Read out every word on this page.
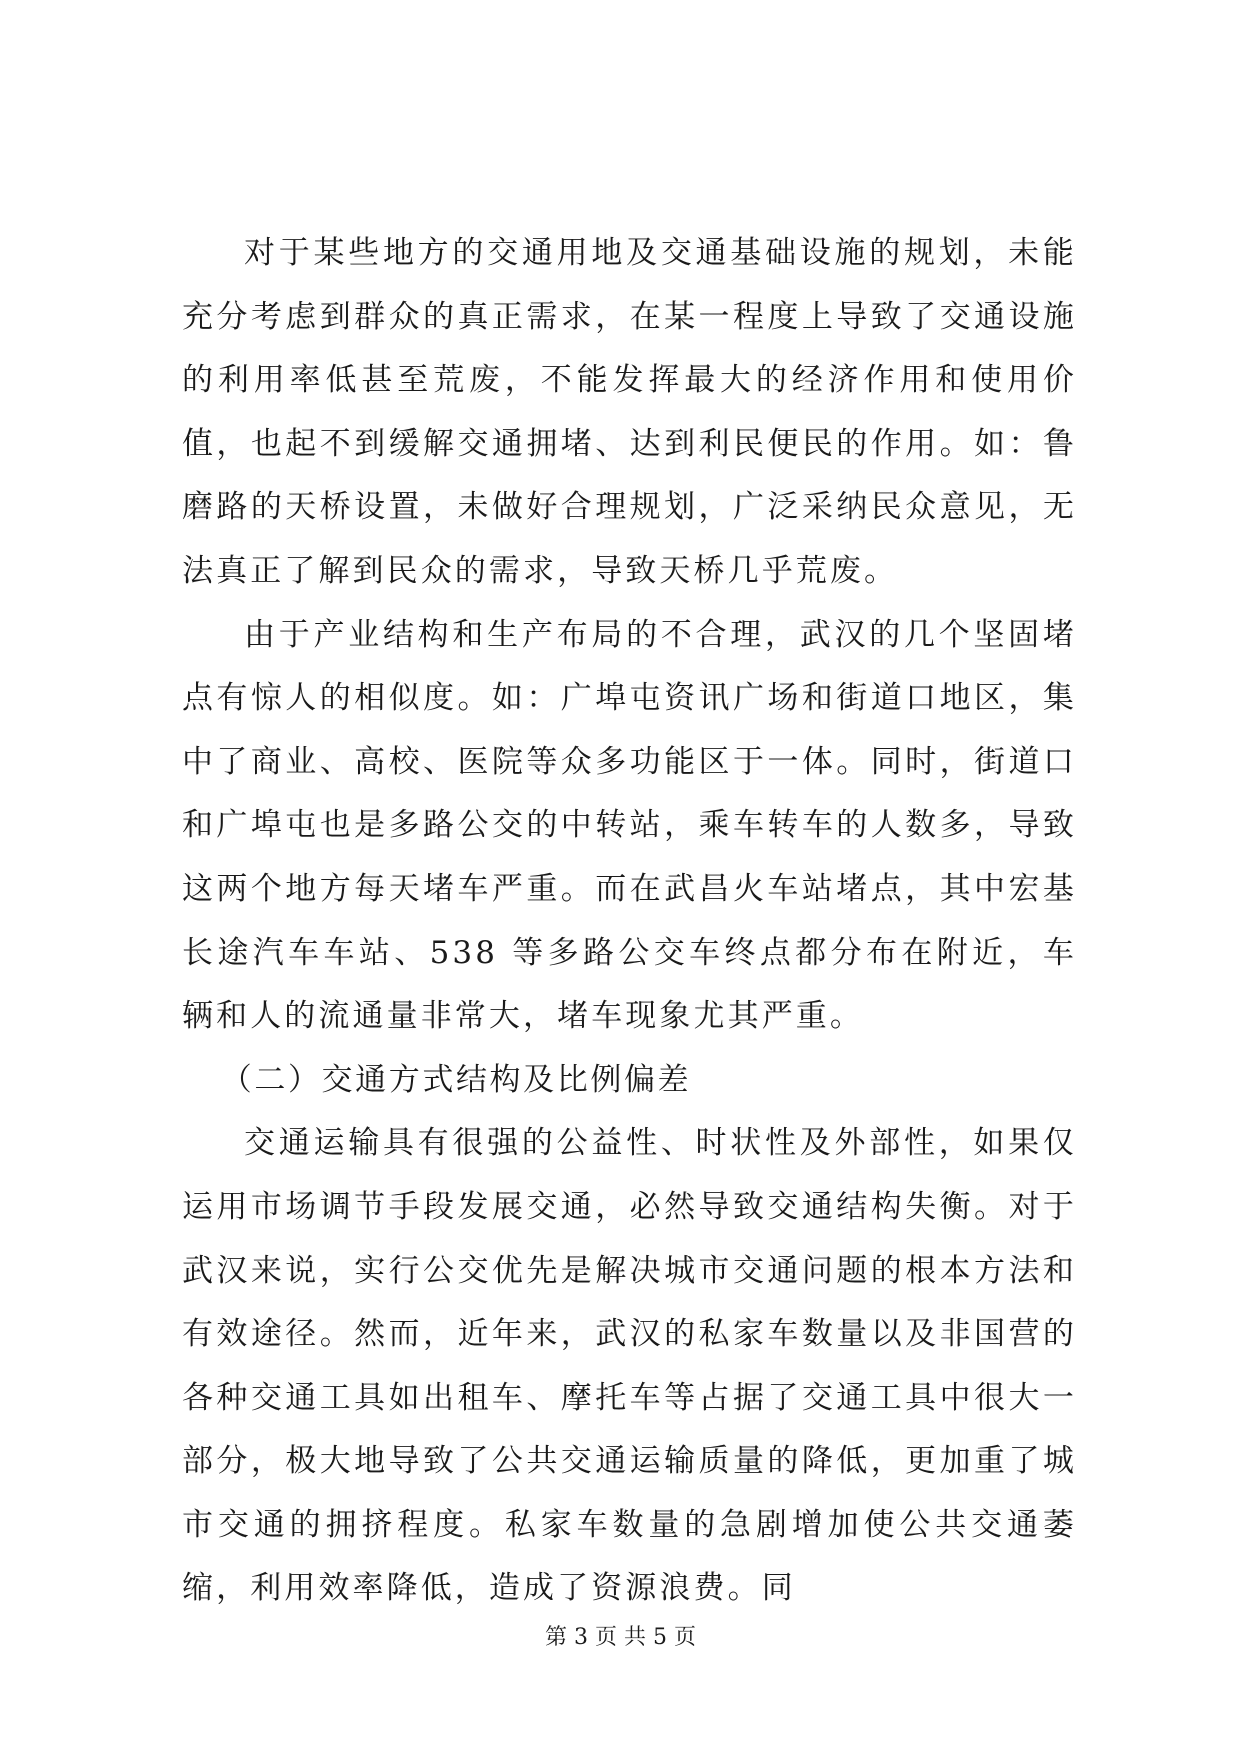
对于某些地方的交通用地及交通基础设施的规划，未能充分考虑到群众的真正需求，在某一程度上导致了交通设施的利用率低甚至荒废，不能发挥最大的经济作用和使用价值，也起不到缓解交通拥堵、达到利民便民的作用。如：鲁磨路的天桥设置，未做好合理规划，广泛采纳民众意见，无法真正了解到民众的需求，导致天桥几乎荒废。

由于产业结构和生产布局的不合理，武汉的几个坚固堵点有惊人的相似度。如：广埠屯资讯广场和街道口地区，集中了商业、高校、医院等众多功能区于一体。同时，街道口和广埠屯也是多路公交的中转站，乘车转车的人数多，导致这两个地方每天堵车严重。而在武昌火车站堵点，其中宏基长途汽车车站、538 等多路公交车终点都分布在附近，车辆和人的流通量非常大，堵车现象尤其严重。

（二）交通方式结构及比例偏差

交通运输具有很强的公益性、时状性及外部性，如果仅运用市场调节手段发展交通，必然导致交通结构失衡。对于武汉来说，实行公交优先是解决城市交通问题的根本方法和有效途径。然而，近年来，武汉的私家车数量以及非国营的各种交通工具如出租车、摩托车等占据了交通工具中很大一部分，极大地导致了公共交通运输质量的降低，更加重了城市交通的拥挤程度。私家车数量的急剧增加使公共交通萎缩，利用效率降低，造成了资源浪费。同

第 3 页 共 5 页
